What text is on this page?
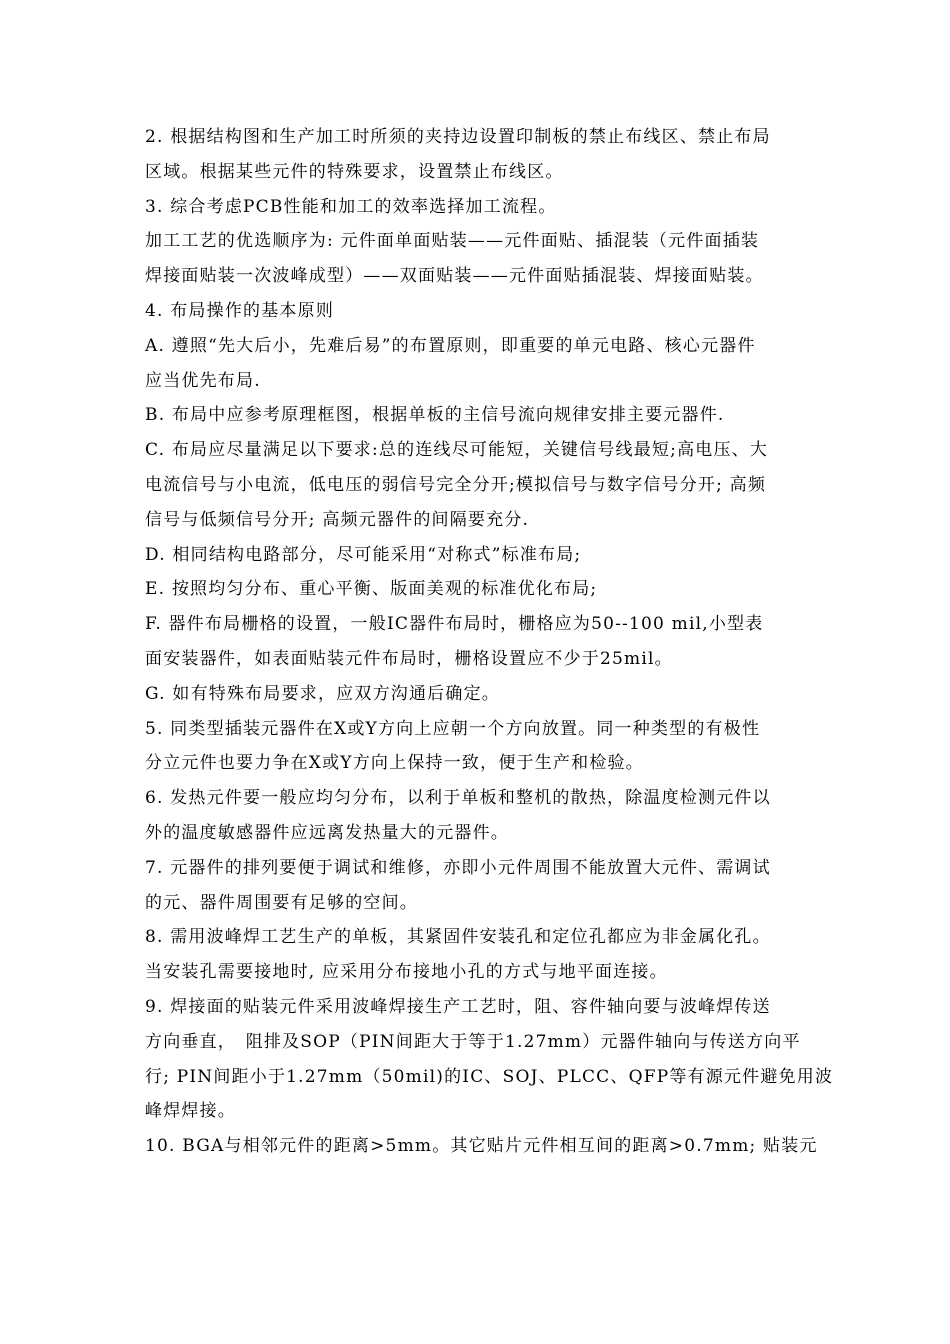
2. 根据结构图和生产加工时所须的夹持边设置印制板的禁止布线区、禁止布局
区域。根据某些元件的特殊要求，设置禁止布线区。
3. 综合考虑PCB性能和加工的效率选择加工流程。
加工工艺的优选顺序为: 元件面单面贴装——元件面贴、插混装（元件面插装
焊接面贴装一次波峰成型）——双面贴装——元件面贴插混装、焊接面贴装。
4. 布局操作的基本原则
A. 遵照“先大后小，先难后易”的布置原则，即重要的单元电路、核心元器件
应当优先布局.
B. 布局中应参考原理框图，根据单板的主信号流向规律安排主要元器件.
C. 布局应尽量满足以下要求:总的连线尽可能短，关键信号线最短;高电压、大
电流信号与小电流，低电压的弱信号完全分开;模拟信号与数字信号分开; 高频
信号与低频信号分开; 高频元器件的间隔要充分.
D. 相同结构电路部分，尽可能采用“对称式”标准布局;
E. 按照均匀分布、重心平衡、版面美观的标准优化布局;
F. 器件布局栅格的设置，一般IC器件布局时，栅格应为50--100 mil,小型表
面安装器件，如表面贴装元件布局时，栅格设置应不少于25mil。
G. 如有特殊布局要求，应双方沟通后确定。
5. 同类型插装元器件在X或Y方向上应朝一个方向放置。同一种类型的有极性
分立元件也要力争在X或Y方向上保持一致，便于生产和检验。
6. 发热元件要一般应均匀分布，以利于单板和整机的散热，除温度检测元件以
外的温度敏感器件应远离发热量大的元器件。
7. 元器件的排列要便于调试和维修，亦即小元件周围不能放置大元件、需调试
的元、器件周围要有足够的空间。
8. 需用波峰焊工艺生产的单板，其紧固件安装孔和定位孔都应为非金属化孔。
当安装孔需要接地时, 应采用分布接地小孔的方式与地平面连接。
9. 焊接面的贴装元件采用波峰焊接生产工艺时，阻、容件轴向要与波峰焊传送
方向垂直，　阻排及SOP（PIN间距大于等于1.27mm）元器件轴向与传送方向平
行; PIN间距小于1.27mm（50mil)的IC、SOJ、PLCC、QFP等有源元件避免用波
峰焊焊接。
10. BGA与相邻元件的距离>5mm。其它贴片元件相互间的距离>0.7mm; 贴装元
